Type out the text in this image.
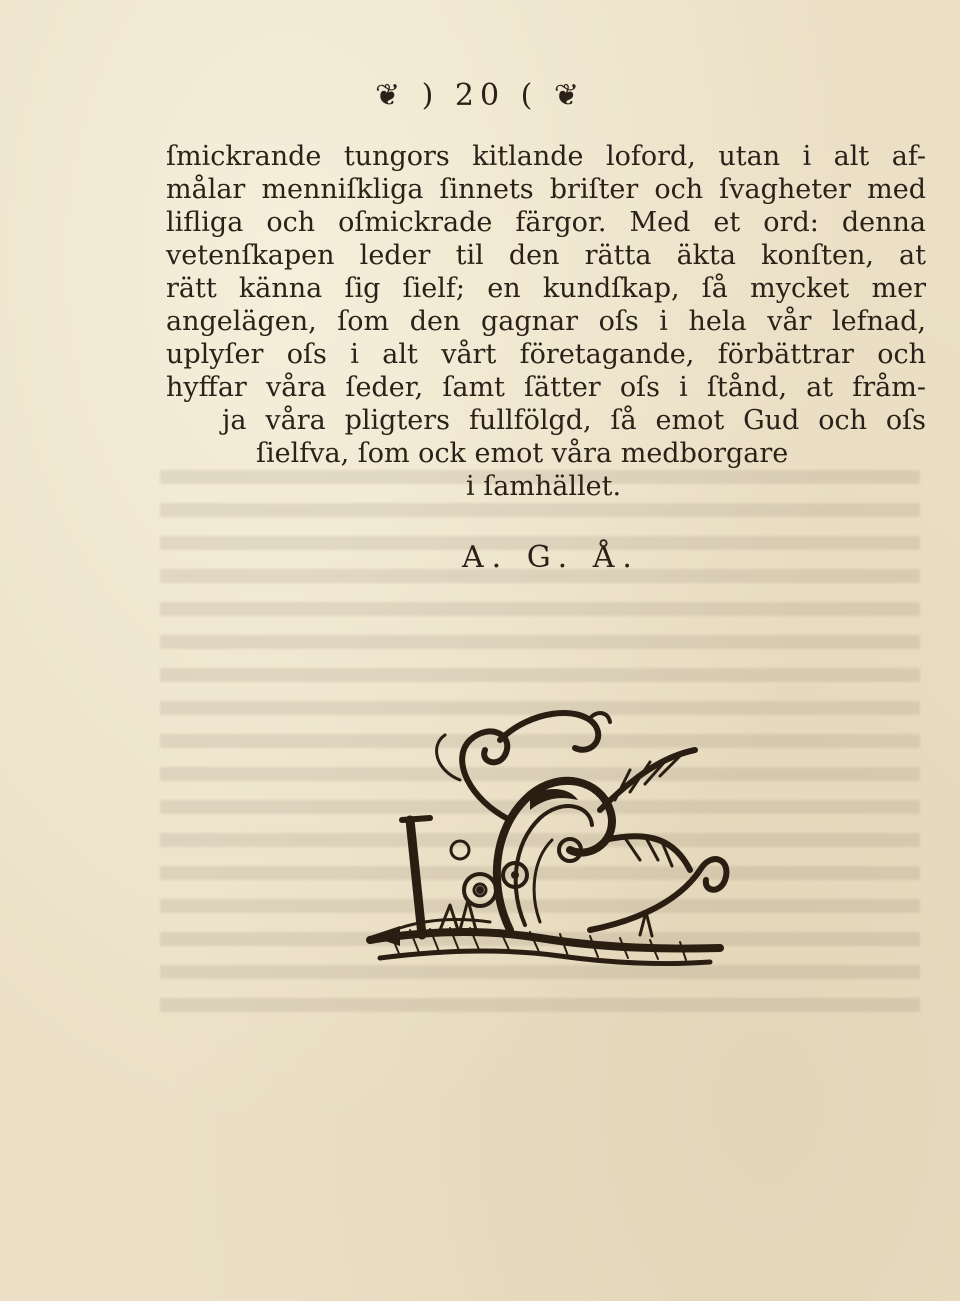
❦ ) 20 ( ❦
ſmickrande tungors kitlande loford, utan i alt af-
målar menniſkliga ſinnets briſter och ſvagheter med
lifliga och oſmickrade färgor. Med et ord: denna
vetenſkapen leder til den rätta äkta konſten, at
rätt känna ſig ſielf; en kundſkap, ſå mycket mer
angelägen, ſom den gagnar oſs i hela vår lefnad,
uplyſer oſs i alt vårt företagande, förbättrar och
hyffar våra ſeder, ſamt ſätter oſs i ſtånd, at fråm-
ja våra pligters fullfölgd, ſå emot Gud och oſs
ſielfva, ſom ock emot våra medborgare
i ſamhället.
A. G. Å.
